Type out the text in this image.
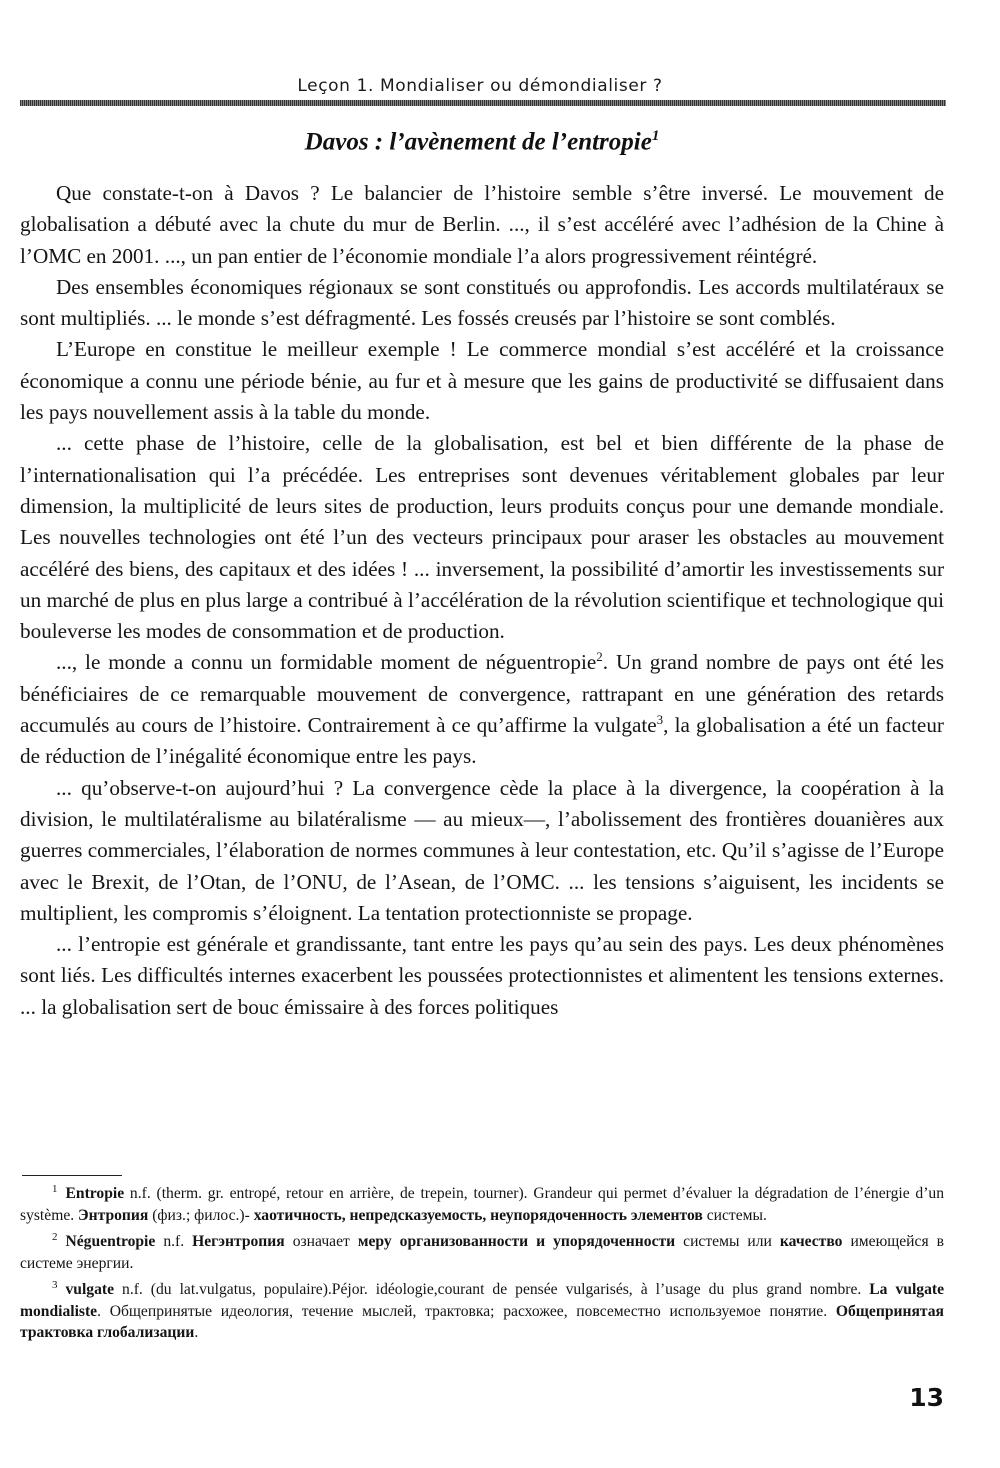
Leçon 1. Mondialiser ou démondialiser ?
Davos : l’avènement de l’entropie$^1$

Que constate-t-on à Davos ? Le balancier de l’histoire semble s’être inversé. Le mouvement de globalisation a débuté avec la chute du mur de Berlin. ..., il s’est accéléré avec l’adhésion de la Chine à l’OMC en 2001. ..., un pan entier de l’économie mondiale l’a alors progressivement réintégré.

Des ensembles économiques régionaux se sont constitués ou approfondis. Les accords multilatéraux se sont multipliés. ... le monde s’est défragmenté. Les fossés creusés par l’histoire se sont comblés.

L’Europe en constitue le meilleur exemple ! Le commerce mondial s’est accéléré et la croissance économique a connu une période bénie, au fur et à mesure que les gains de productivité se diffusaient dans les pays nouvellement assis à la table du monde.

... cette phase de l’histoire, celle de la globalisation, est bel et bien différente de la phase de l’internationalisation qui l’a précédée. Les entreprises sont devenues véritablement globales par leur dimension, la multiplicité de leurs sites de production, leurs produits conçus pour une demande mondiale. Les nouvelles technologies ont été l’un des vecteurs principaux pour araser les obstacles au mouvement accéléré des biens, des capitaux et des idées ! ... inversement, la possibilité d’amortir les investissements sur un marché de plus en plus large a contribué à l’accélération de la révolution scientifique et technologique qui bouleverse les modes de consommation et de production.

..., le monde a connu un formidable moment de néguentropie$^2$. Un grand nombre de pays ont été les bénéficiaires de ce remarquable mouvement de convergence, rattrapant en une génération des retards accumulés au cours de l’histoire. Contrairement à ce qu’affirme la vulgate$^3$, la globalisation a été un facteur de réduction de l’inégalité économique entre les pays.

... qu’observe-t-on aujourd’hui ? La convergence cède la place à la divergence, la coopération à la division, le multilatéralisme au bilatéralisme — au mieux—, l’abolissement des frontières douanières aux guerres commerciales, l’élaboration de normes communes à leur contestation, etc. Qu’il s’agisse de l’Europe avec le Brexit, de l’Otan, de l’ONU, de l’Asean, de l’OMC. ... les tensions s’aiguisent, les incidents se multiplient, les compromis s’éloignent. La tentation protectionniste se propage.

... l’entropie est générale et grandissante, tant entre les pays qu’au sein des pays. Les deux phénomènes sont liés. Les difficultés internes exacerbent les poussées protectionnistes et alimentent les tensions externes. ... la globalisation sert de bouc émissaire à des forces politiques

$^1$ Entropie n.f. (therm. gr. entropé, retour en arrière, de trepein, tourner). Grandeur qui permet d’évaluer la dégradation de l’énergie d’un système. Энтропия (физ.; филос.)- хаотичность, непредсказуемость, неупорядоченность элементов системы.

$^2$ Néguentropie n.f. Негэнтропия означает меру организованности и упорядоченности системы или качество имеющейся в системе энергии.

$^3$ vulgate n.f. (du lat.vulgatus, populaire).Péjor. idéologie,courant de pensée vulgarisés, à l’usage du plus grand nombre. La vulgate mondialiste. Общепринятые идеология, течение мыслей, трактовка; расхожее, повсеместно используемое понятие. Общепринятая трактовка глобализации.

13
